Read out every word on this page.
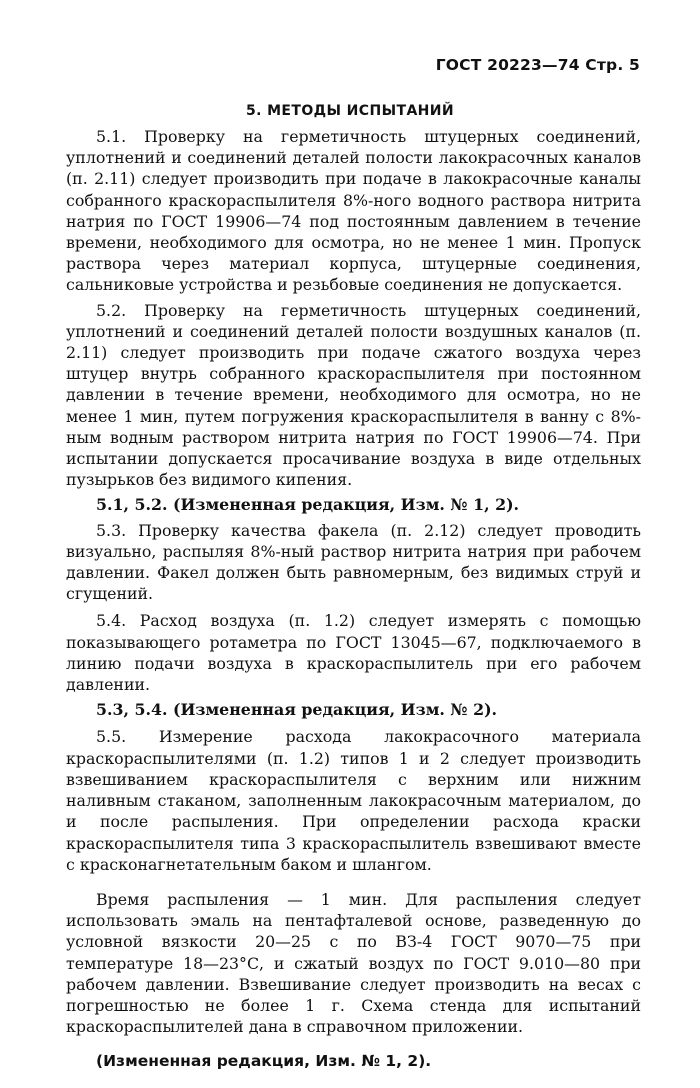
ГОСТ 20223—74 Стр. 5
5. МЕТОДЫ ИСПЫТАНИЙ

5.1. Проверку на герметичность штуцерных соединений, уплотнений и соединений деталей полости лакокрасочных каналов (п. 2.11) следует производить при подаче в лакокрасочные каналы собранного краскораспылителя 8%-ного водного раствора нитрита натрия по ГОСТ 19906—74 под постоянным давлением в течение времени, необходимого для осмотра, но не менее 1 мин. Пропуск раствора через материал корпуса, штуцерные соединения, сальниковые устройства и резьбовые соединения не допускается.

5.2. Проверку на герметичность штуцерных соединений, уплотнений и соединений деталей полости воздушных каналов (п. 2.11) следует производить при подаче сжатого воздуха через штуцер внутрь собранного краскораспылителя при постоянном давлении в течение времени, необходимого для осмотра, но не менее 1 мин, путем погружения краскораспылителя в ванну с 8%-ным водным раствором нитрита натрия по ГОСТ 19906—74. При испытании допускается просачивание воздуха в виде отдельных пузырьков без видимого кипения.

5.1, 5.2. (Измененная редакция, Изм. № 1, 2).

5.3. Проверку качества факела (п. 2.12) следует проводить визуально, распыляя 8%-ный раствор нитрита натрия при рабочем давлении. Факел должен быть равномерным, без видимых струй и сгущений.

5.4. Расход воздуха (п. 1.2) следует измерять с помощью показывающего ротаметра по ГОСТ 13045—67, подключаемого в линию подачи воздуха в краскораспылитель при его рабочем давлении.

5.3, 5.4. (Измененная редакция, Изм. № 2).

5.5. Измерение расхода лакокрасочного материала краскораспылителями (п. 1.2) типов 1 и 2 следует производить взвешиванием краскораспылителя с верхним или нижним наливным стаканом, заполненным лакокрасочным материалом, до и после распыления. При определении расхода краски краскораспылителя типа 3 краскораспылитель взвешивают вместе с красконагнетательным баком и шлангом.

Время распыления — 1 мин. Для распыления следует использовать эмаль на пентафталевой основе, разведенную до условной вязкости 20—25 с по ВЗ-4 ГОСТ 9070—75 при температуре 18—23°С, и сжатый воздух по ГОСТ 9.010—80 при рабочем давлении. Взвешивание следует производить на весах с погрешностью не более 1 г. Схема стенда для испытаний краскораспылителей дана в справочном приложении.

(Измененная редакция, Изм. № 1, 2).
